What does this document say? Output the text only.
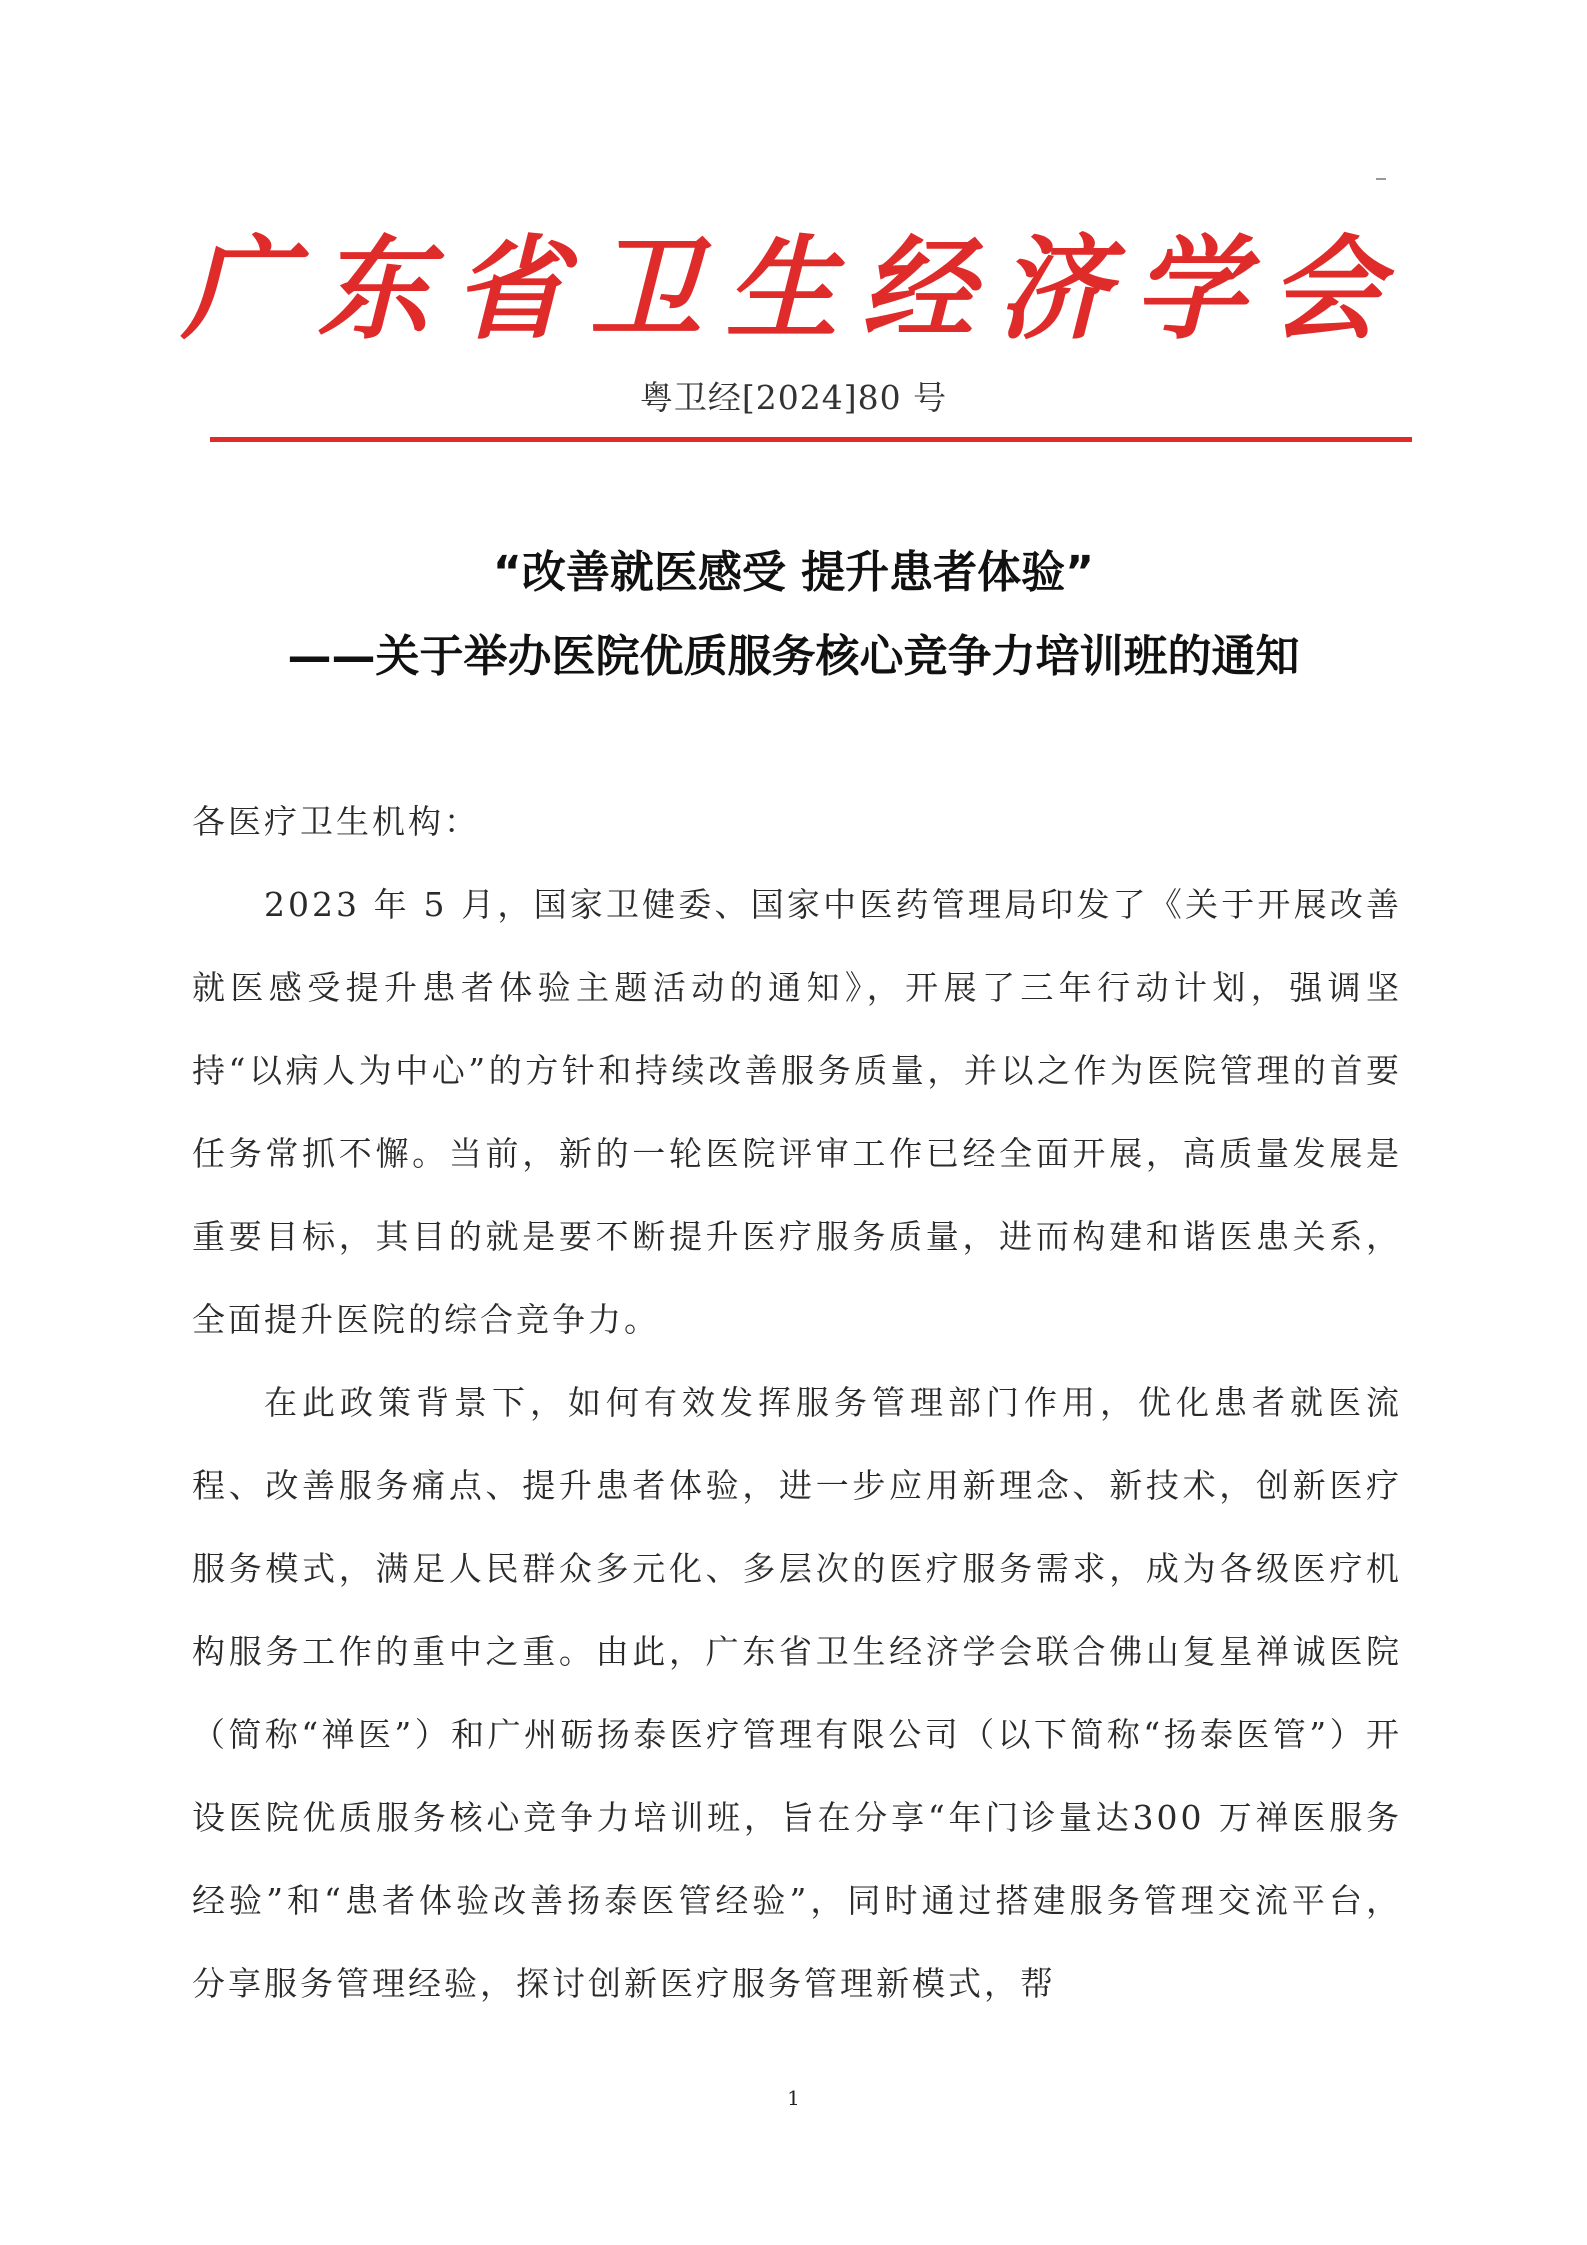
广东省卫生经济学会
粤卫经[2024]80 号
“改善就医感受 提升患者体验”
——关于举办医院优质服务核心竞争力培训班的通知

各医疗卫生机构：

2023 年 5 月，国家卫健委、国家中医药管理局印发了《关于开展改善就医感受提升患者体验主题活动的通知》，开展了三年行动计划，强调坚持“以病人为中心”的方针和持续改善服务质量，并以之作为医院管理的首要任务常抓不懈。当前，新的一轮医院评审工作已经全面开展，高质量发展是重要目标，其目的就是要不断提升医疗服务质量，进而构建和谐医患关系，全面提升医院的综合竞争力。

在此政策背景下，如何有效发挥服务管理部门作用，优化患者就医流程、改善服务痛点、提升患者体验，进一步应用新理念、新技术，创新医疗服务模式，满足人民群众多元化、多层次的医疗服务需求，成为各级医疗机构服务工作的重中之重。由此，广东省卫生经济学会联合佛山复星禅诚医院（简称“禅医”）和广州砺扬泰医疗管理有限公司（以下简称“扬泰医管”）开设医院优质服务核心竞争力培训班，旨在分享“年门诊量达300 万禅医服务经验”和“患者体验改善扬泰医管经验”，同时通过搭建服务管理交流平台，分享服务管理经验，探讨创新医疗服务管理新模式，帮

1
